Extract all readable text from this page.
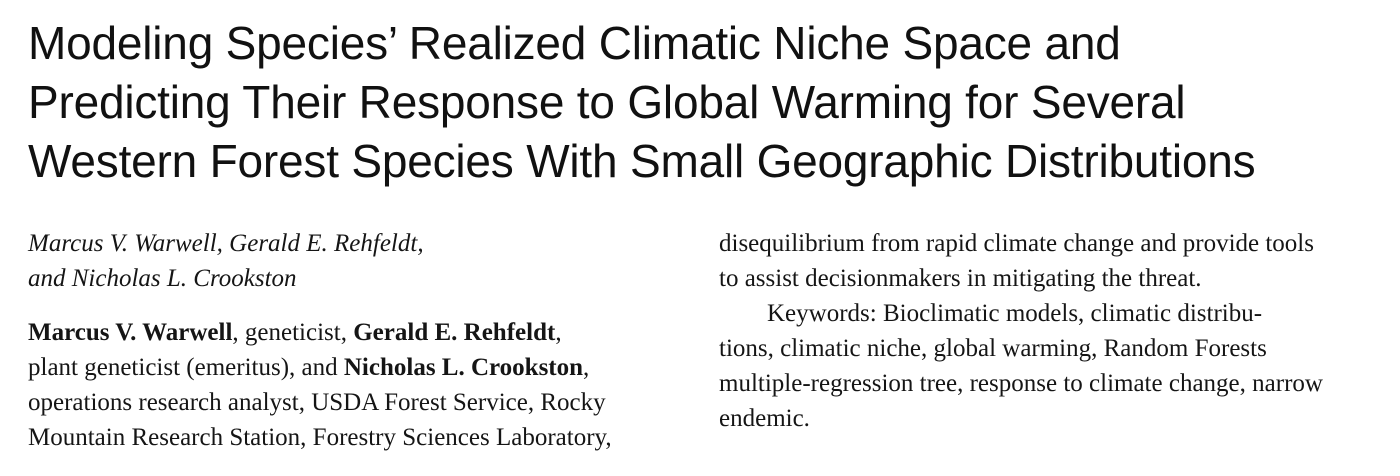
Modeling Species’ Realized Climatic Niche Space and
Predicting Their Response to Global Warming for Several
Western Forest Species With Small Geographic Distributions
Marcus V. Warwell, Gerald E. Rehfeldt,
and Nicholas L. Crookston
Marcus V. Warwell, geneticist, Gerald E. Rehfeldt,
plant geneticist (emeritus), and Nicholas L. Crookston,
operations research analyst, USDA Forest Service, Rocky
Mountain Research Station, Forestry Sciences Laboratory,
disequilibrium from rapid climate change and provide tools
to assist decisionmakers in mitigating the threat.
Keywords: Bioclimatic models, climatic distribu-
tions, climatic niche, global warming, Random Forests
multiple-regression tree, response to climate change, narrow
endemic.
